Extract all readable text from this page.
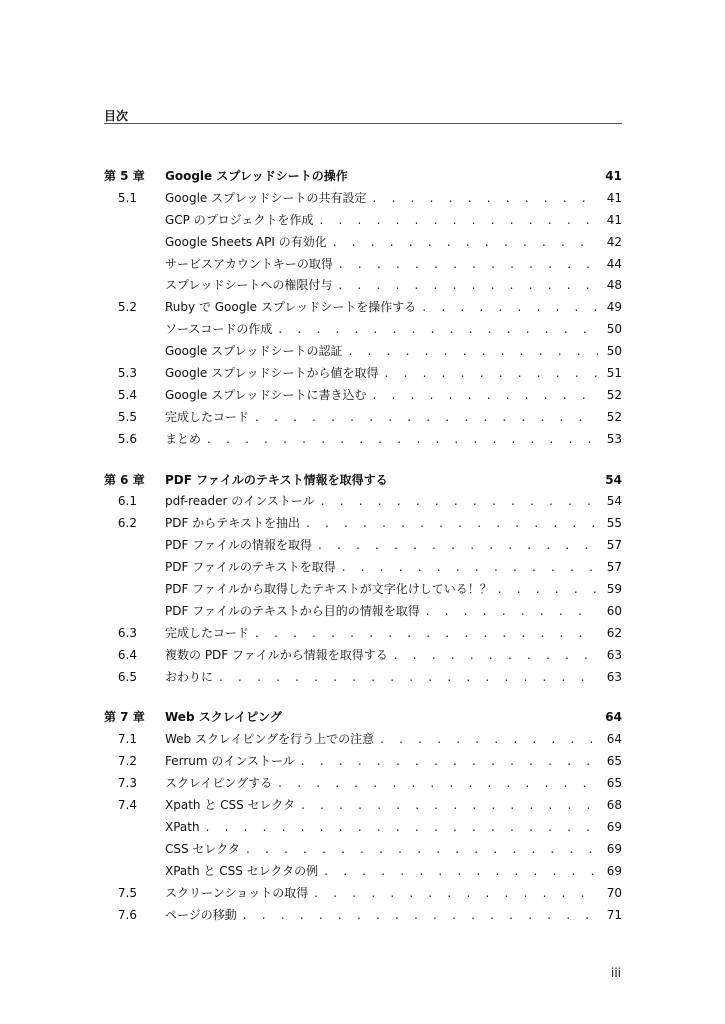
目次
第 5 章	Google スプレッドシートの操作	41
5.1	Google スプレッドシートの共有設定 . . .	41
GCP のプロジェクトを作成 . . .	41
Google Sheets API の有効化 . . .	42
サービスアカウントキーの取得 . . .	44
スプレッドシートへの権限付与 . . .	48
5.2	Ruby で Google スプレッドシートを操作する . . .	49
ソースコードの作成 . . .	50
Google スプレッドシートの認証 . . .	50
5.3	Google スプレッドシートから値を取得 . . .	51
5.4	Google スプレッドシートに書き込む . . .	52
5.5	完成したコード . . .	52
5.6	まとめ . . .	53
第 6 章	PDF ファイルのテキスト情報を取得する	54
6.1	pdf-reader のインストール . . .	54
6.2	PDF からテキストを抽出 . . .	55
PDF ファイルの情報を取得 . . .	57
PDF ファイルのテキストを取得 . . .	57
PDF ファイルから取得したテキストが文字化けしている！？ . . .	59
PDF ファイルのテキストから目的の情報を取得 . . .	60
6.3	完成したコード . . .	62
6.4	複数の PDF ファイルから情報を取得する . . .	63
6.5	おわりに . . .	63
第 7 章	Web スクレイピング	64
7.1	Web スクレイピングを行う上での注意 . . .	64
7.2	Ferrum のインストール . . .	65
7.3	スクレイピングする . . .	65
7.4	Xpath と CSS セレクタ . . .	68
XPath . . .	69
CSS セレクタ . . .	69
XPath と CSS セレクタの例 . . .	69
7.5	スクリーンショットの取得 . . .	70
7.6	ページの移動 . . .	71
iii
